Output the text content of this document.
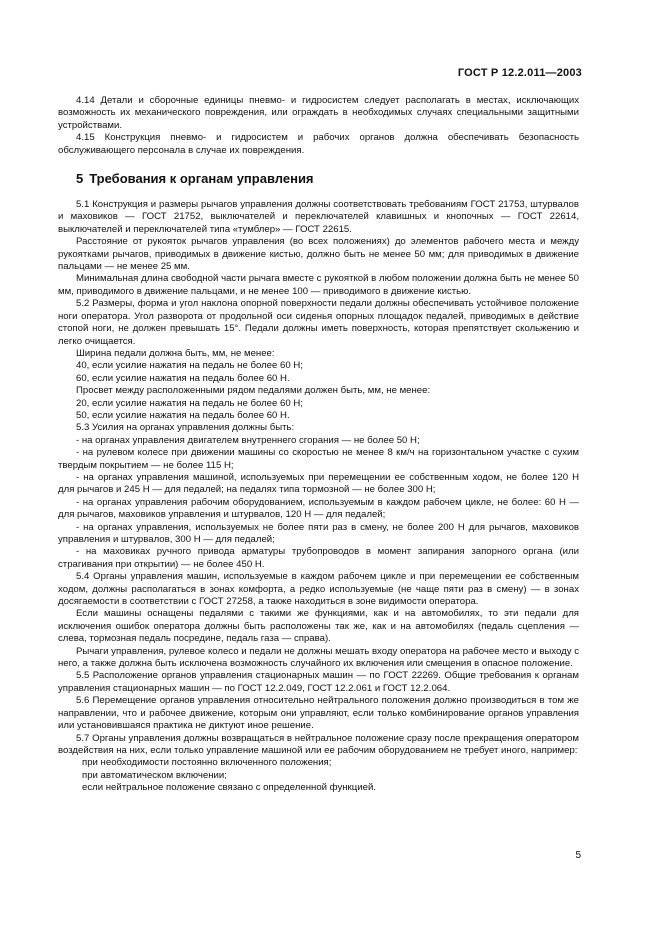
ГОСТ Р 12.2.011—2003

4.14 Детали и сборочные единицы пневмо- и гидросистем следует располагать в местах, исключающих возможность их механического повреждения, или ограждать в необходимых случаях специальными защитными устройствами.

4.15 Конструкция пневмо- и гидросистем и рабочих органов должна обеспечивать безопасность обслуживающего персонала в случае их повреждения.

5 Требования к органам управления

5.1 Конструкция и размеры рычагов управления должны соответствовать требованиям ГОСТ 21753, штурвалов и маховиков — ГОСТ 21752, выключателей и переключателей клавишных и кнопочных — ГОСТ 22614, выключателей и переключателей типа «тумблер» — ГОСТ 22615.

Расстояние от рукояток рычагов управления (во всех положениях) до элементов рабочего места и между рукоятками рычагов, приводимых в движение кистью, должно быть не менее 50 мм; для приводимых в движение пальцами — не менее 25 мм.

Минимальная длина свободной части рычага вместе с рукояткой в любом положении должна быть не менее 50 мм, приводимого в движение пальцами, и не менее 100 — приводимого в движение кистью.

5.2 Размеры, форма и угол наклона опорной поверхности педали должны обеспечивать устойчивое положение ноги оператора. Угол разворота от продольной оси сиденья опорных площадок педалей, приводимых в действие стопой ноги, не должен превышать 15°. Педали должны иметь поверхность, которая препятствует скольжению и легко очищается.

Ширина педали должна быть, мм, не менее:

40, если усилие нажатия на педаль не более 60 Н;

60, если усилие нажатия на педаль более 60 Н.

Просвет между расположенными рядом педалями должен быть, мм, не менее:

20, если усилие нажатия на педаль не более 60 Н;

50, если усилие нажатия на педаль более 60 Н.

5.3 Усилия на органах управления должны быть:

- на органах управления двигателем внутреннего сгорания — не более 50 Н;

- на рулевом колесе при движении машины со скоростью не менее 8 км/ч на горизонтальном участке с сухим твердым покрытием — не более 115 Н;

- на органах управления машиной, используемых при перемещении ее собственным ходом, не более 120 Н для рычагов и 245 Н — для педалей; на педалях типа тормозной — не более 300 Н;

- на органах управления рабочим оборудованием, используемым в каждом рабочем цикле, не более: 60 Н — для рычагов, маховиков управления и штурвалов, 120 Н — для педалей;

- на органах управления, используемых не более пяти раз в смену, не более 200 Н для рычагов, маховиков управления и штурвалов, 300 Н — для педалей;

- на маховиках ручного привода арматуры трубопроводов в момент запирания запорного органа (или страгивания при открытии) — не более 450 Н.

5.4 Органы управления машин, используемые в каждом рабочем цикле и при перемещении ее собственным ходом, должны располагаться в зонах комфорта, а редко используемые (не чаще пяти раз в смену) — в зонах досягаемости в соответствии с ГОСТ 27258, а также находиться в зоне видимости оператора.

Если машины оснащены педалями с такими же функциями, как и на автомобилях, то эти педали для исключения ошибок оператора должны быть расположены так же, как и на автомобилях (педаль сцепления — слева, тормозная педаль посредине, педаль газа — справа).

Рычаги управления, рулевое колесо и педали не должны мешать входу оператора на рабочее место и выходу с него, а также должна быть исключена возможность случайного их включения или смещения в опасное положение.

5.5 Расположение органов управления стационарных машин — по ГОСТ 22269. Общие требования к органам управления стационарных машин — по ГОСТ 12.2.049, ГОСТ 12.2.061 и ГОСТ 12.2.064.

5.6 Перемещение органов управления относительно нейтрального положения должно производиться в том же направлении, что и рабочее движение, которым они управляют, если только комбинирование органов управления или установившаяся практика не диктуют иное решение.

5.7 Органы управления должны возвращаться в нейтральное положение сразу после прекращения оператором воздействия на них, если только управление машиной или ее рабочим оборудованием не требует иного, например:

при необходимости постоянно включенного положения;

при автоматическом включении;

если нейтральное положение связано с определенной функцией.

5
